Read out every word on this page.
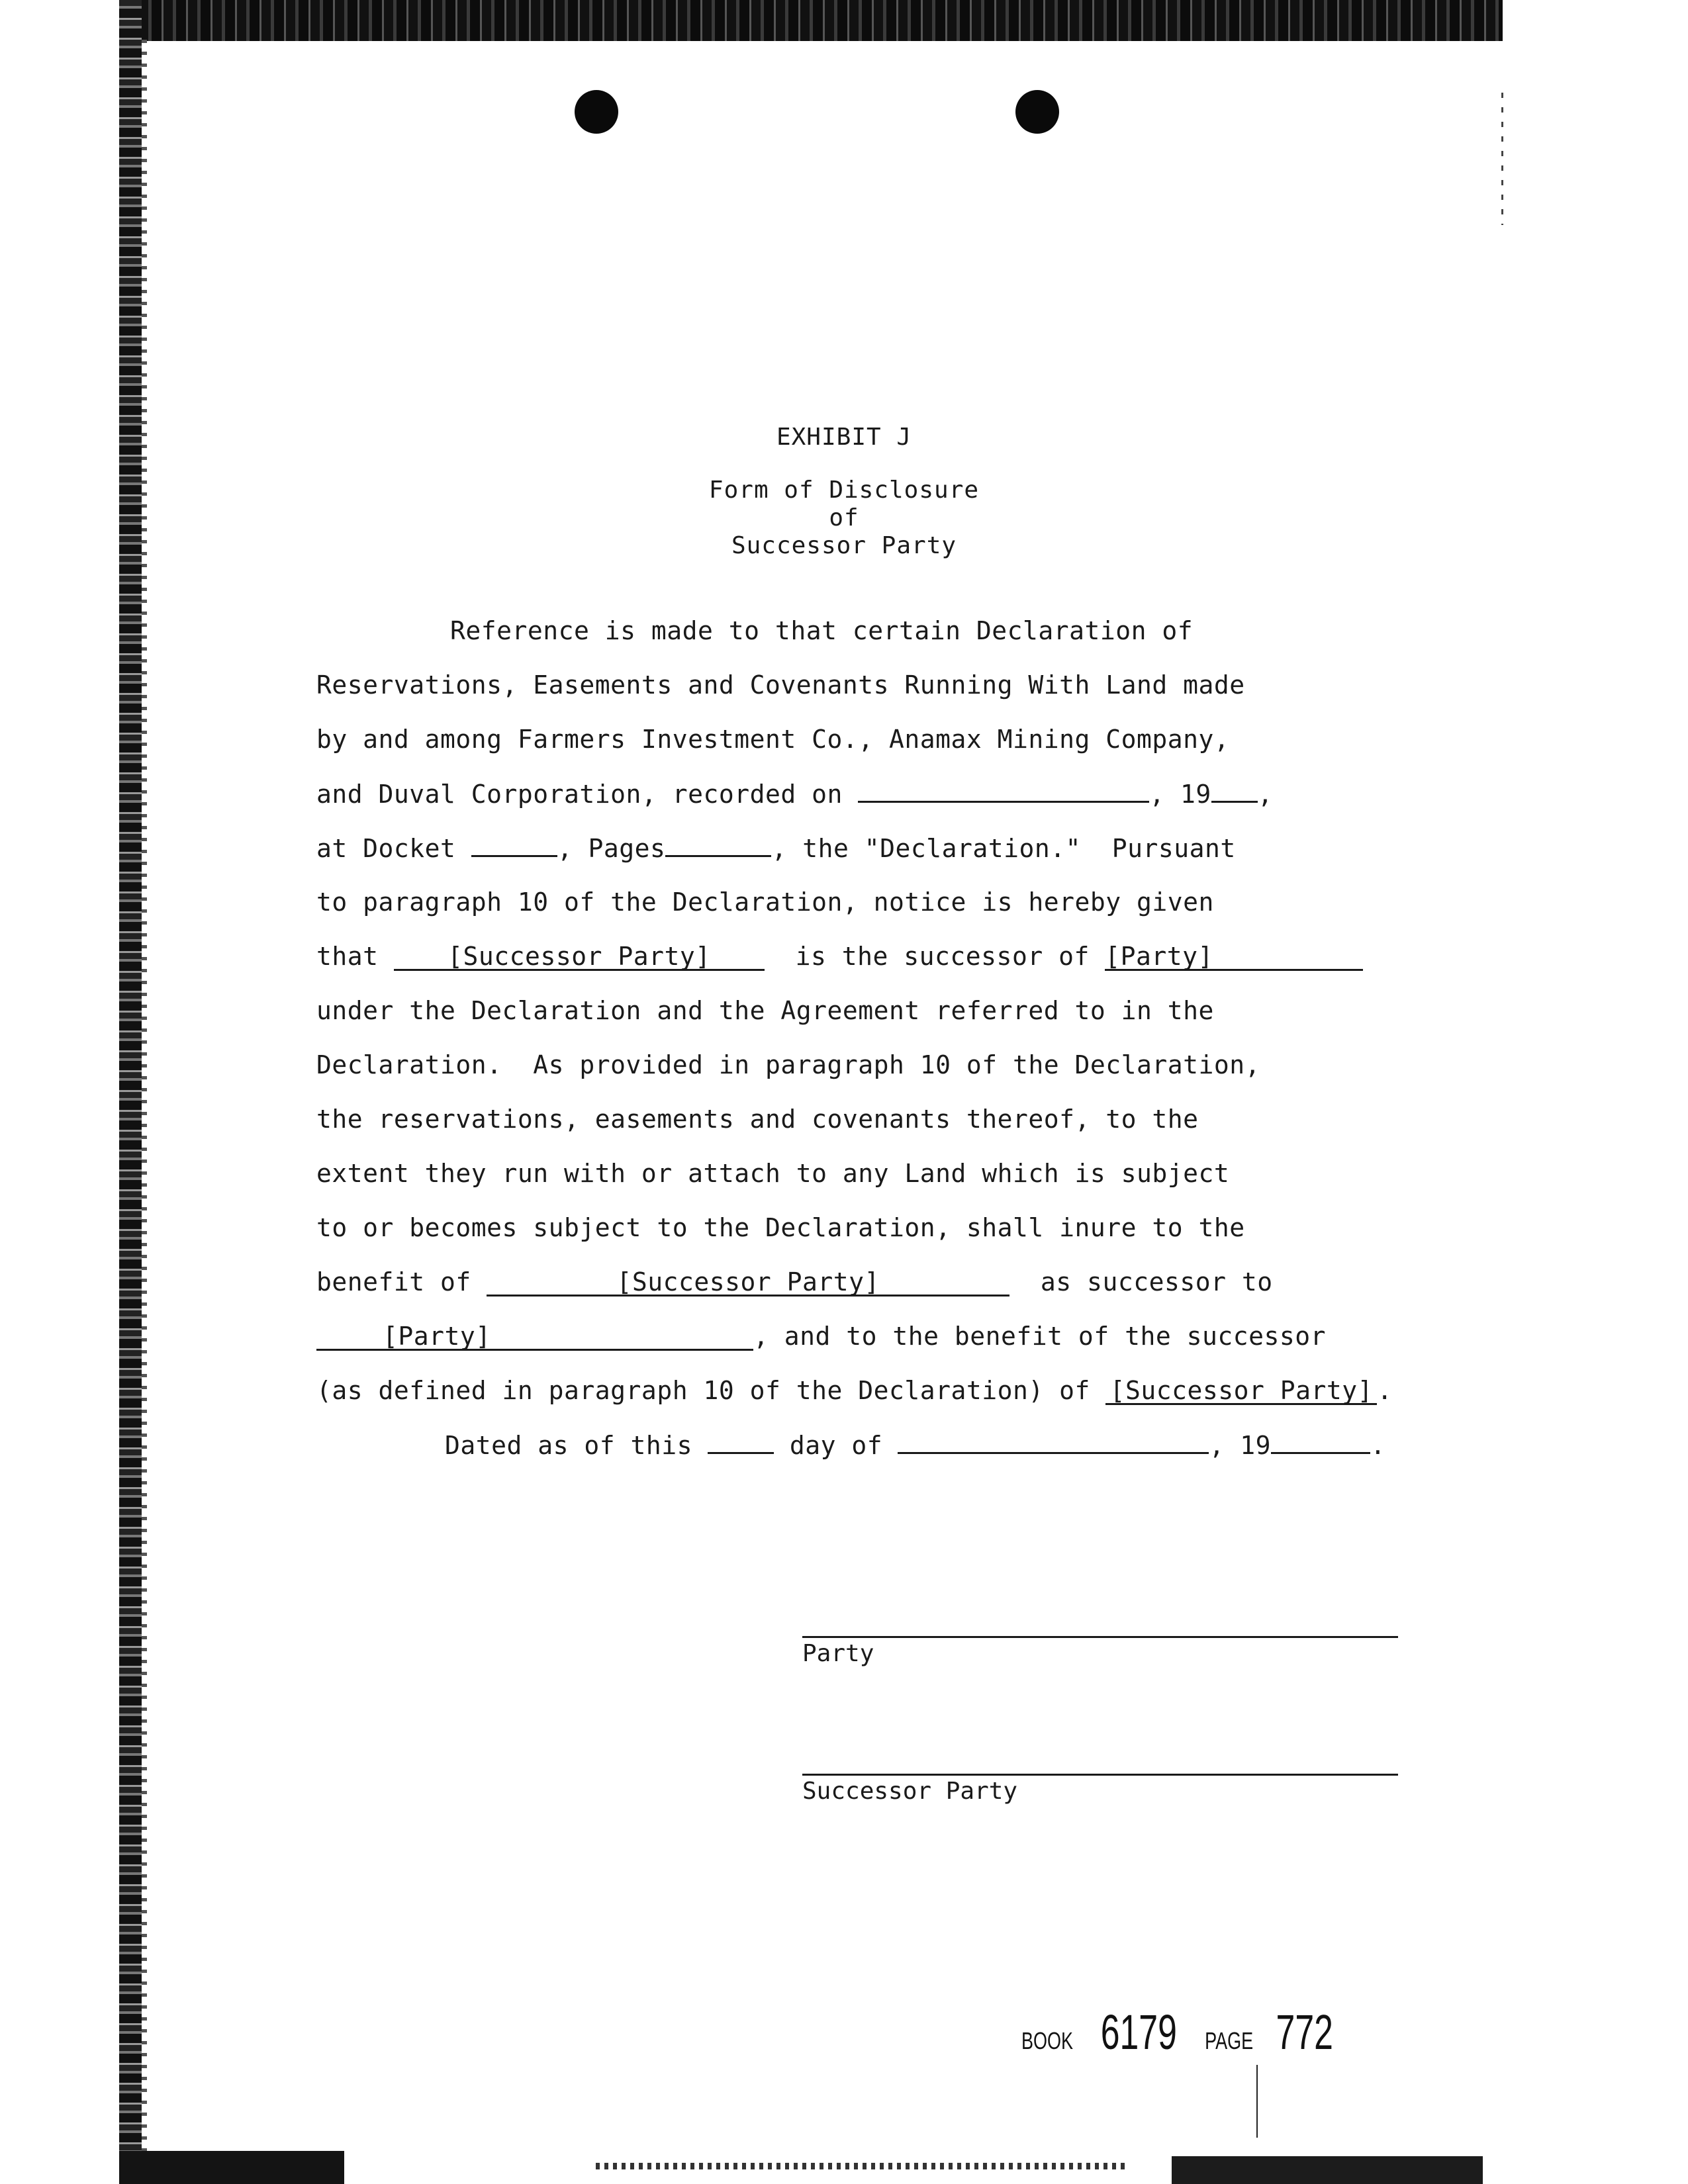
EXHIBIT J
Form of Disclosure
of
Successor Party
Reference is made to that certain Declaration of
Reservations, Easements and Covenants Running With Land made
by and among Farmers Investment Co., Anamax Mining Company,
and Duval Corporation, recorded on	, 19 ,
at Docket	, Pages	, the "Declaration."  Pursuant
to paragraph 10 of the Declaration, notice is hereby given
that [Successor Party]  is the successor of [Party]
under the Declaration and the Agreement referred to in the
Declaration.  As provided in paragraph 10 of the Declaration,
the reservations, easements and covenants thereof, to the
extent they run with or attach to any Land which is subject
to or becomes subject to the Declaration, shall inure to the
benefit of	[Successor Party]	as successor to
[Party]	, and to the benefit of the successor
(as defined in paragraph 10 of the Declaration) of [Successor Party] .
Dated as of this	day of	, 19	.
Party
Successor Party
BOOK 6179 PAGE 772
